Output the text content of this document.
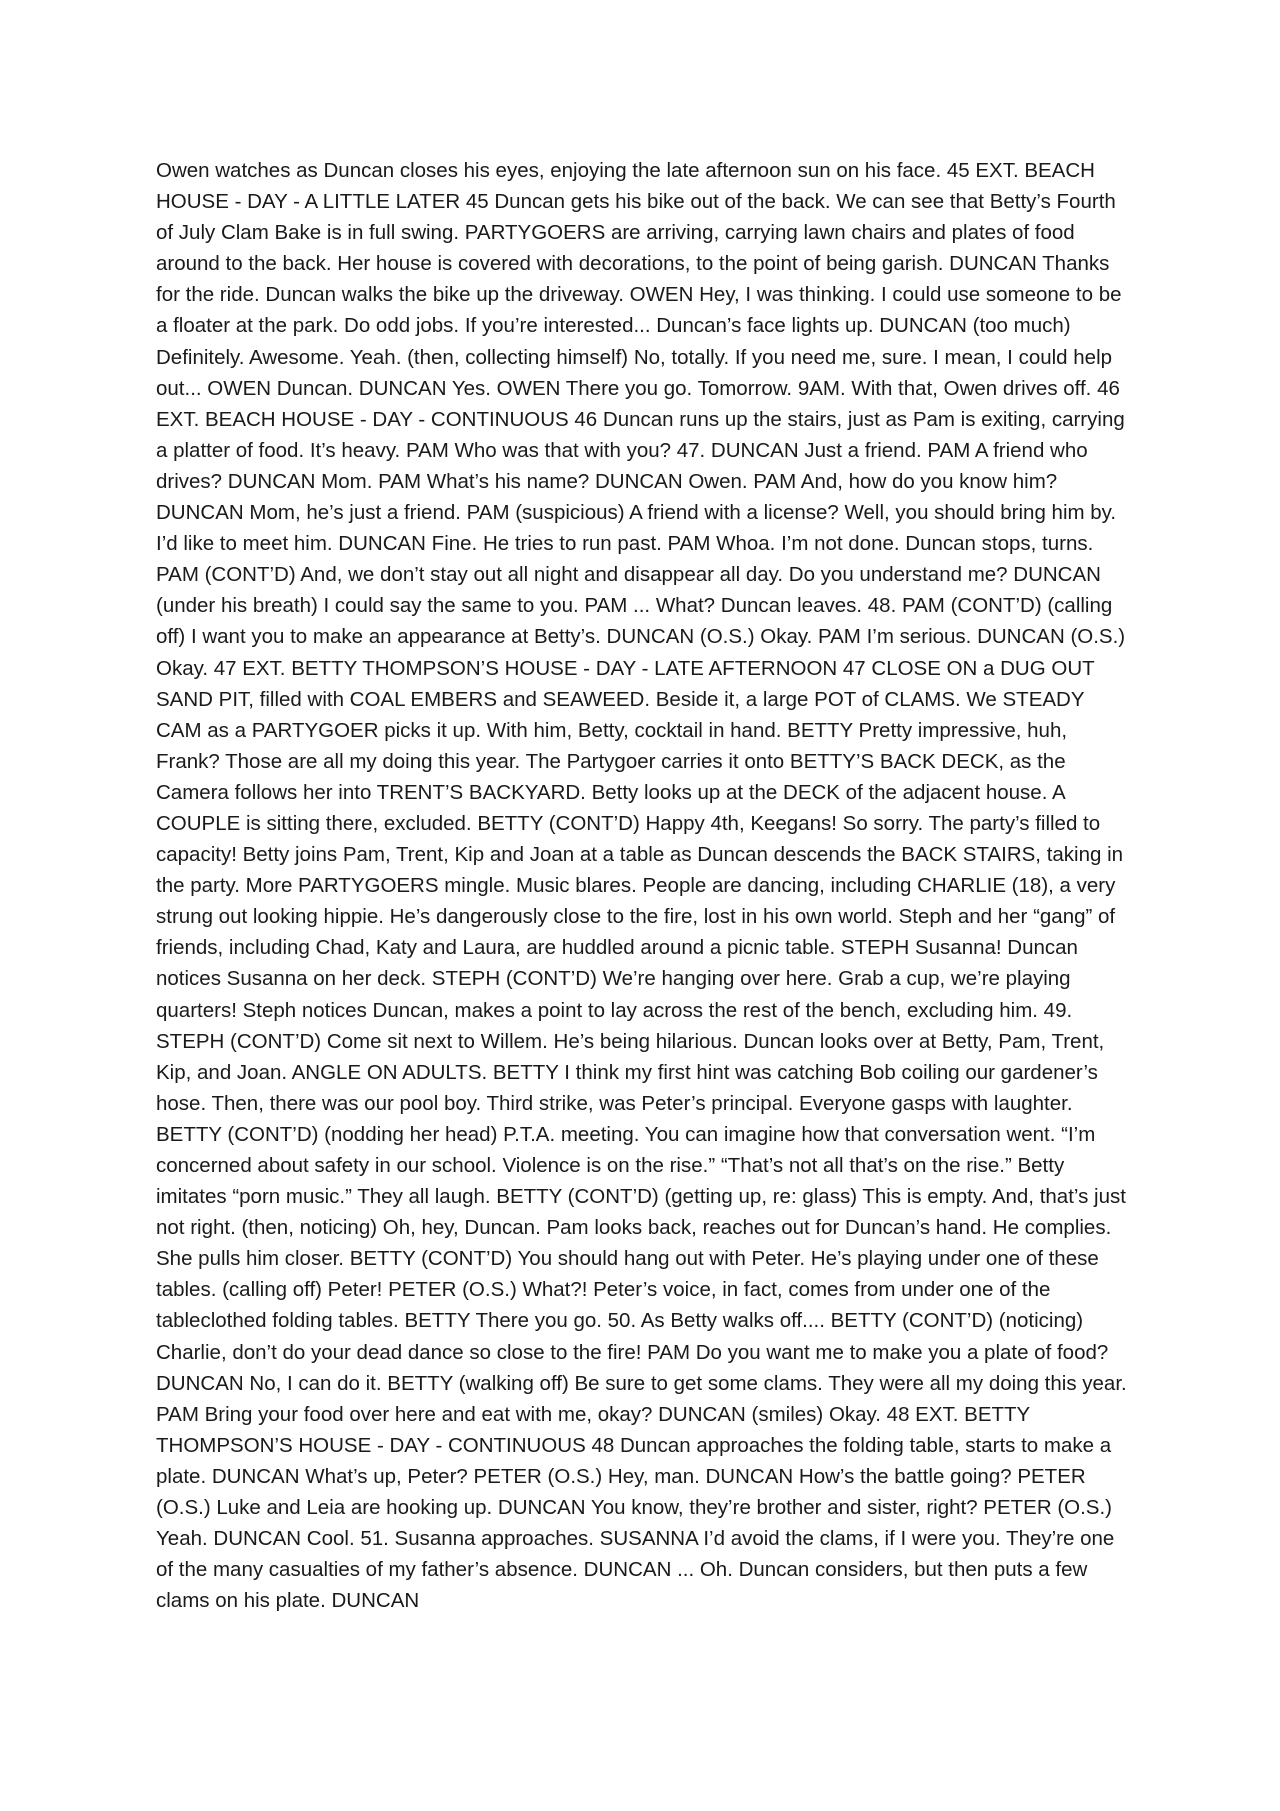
Owen watches as Duncan closes his eyes, enjoying the late afternoon sun on his face. 45 EXT. BEACH HOUSE - DAY - A LITTLE LATER 45 Duncan gets his bike out of the back. We can see that Betty’s Fourth of July Clam Bake is in full swing. PARTYGOERS are arriving, carrying lawn chairs and plates of food around to the back. Her house is covered with decorations, to the point of being garish. DUNCAN Thanks for the ride. Duncan walks the bike up the driveway. OWEN Hey, I was thinking. I could use someone to be a floater at the park. Do odd jobs. If you’re interested... Duncan’s face lights up. DUNCAN (too much) Definitely. Awesome. Yeah. (then, collecting himself) No, totally. If you need me, sure. I mean, I could help out... OWEN Duncan. DUNCAN Yes. OWEN There you go. Tomorrow. 9AM. With that, Owen drives off. 46 EXT. BEACH HOUSE - DAY - CONTINUOUS 46 Duncan runs up the stairs, just as Pam is exiting, carrying a platter of food. It’s heavy. PAM Who was that with you? 47. DUNCAN Just a friend. PAM A friend who drives? DUNCAN Mom. PAM What’s his name? DUNCAN Owen. PAM And, how do you know him? DUNCAN Mom, he’s just a friend. PAM (suspicious) A friend with a license? Well, you should bring him by. I’d like to meet him. DUNCAN Fine. He tries to run past. PAM Whoa. I’m not done. Duncan stops, turns. PAM (CONT’D) And, we don’t stay out all night and disappear all day. Do you understand me? DUNCAN (under his breath) I could say the same to you. PAM ... What? Duncan leaves. 48. PAM (CONT’D) (calling off) I want you to make an appearance at Betty’s. DUNCAN (O.S.) Okay. PAM I’m serious. DUNCAN (O.S.) Okay. 47 EXT. BETTY THOMPSON’S HOUSE - DAY - LATE AFTERNOON 47 CLOSE ON a DUG OUT SAND PIT, filled with COAL EMBERS and SEAWEED. Beside it, a large POT of CLAMS. We STEADY CAM as a PARTYGOER picks it up. With him, Betty, cocktail in hand. BETTY Pretty impressive, huh, Frank? Those are all my doing this year. The Partygoer carries it onto BETTY’S BACK DECK, as the Camera follows her into TRENT’S BACKYARD. Betty looks up at the DECK of the adjacent house. A COUPLE is sitting there, excluded. BETTY (CONT’D) Happy 4th, Keegans! So sorry. The party’s filled to capacity! Betty joins Pam, Trent, Kip and Joan at a table as Duncan descends the BACK STAIRS, taking in the party. More PARTYGOERS mingle. Music blares. People are dancing, including CHARLIE (18), a very strung out looking hippie. He’s dangerously close to the fire, lost in his own world. Steph and her “gang” of friends, including Chad, Katy and Laura, are huddled around a picnic table. STEPH Susanna! Duncan notices Susanna on her deck. STEPH (CONT’D) We’re hanging over here. Grab a cup, we’re playing quarters! Steph notices Duncan, makes a point to lay across the rest of the bench, excluding him. 49. STEPH (CONT’D) Come sit next to Willem. He’s being hilarious. Duncan looks over at Betty, Pam, Trent, Kip, and Joan. ANGLE ON ADULTS. BETTY I think my first hint was catching Bob coiling our gardener’s hose. Then, there was our pool boy. Third strike, was Peter’s principal. Everyone gasps with laughter. BETTY (CONT’D) (nodding her head) P.T.A. meeting. You can imagine how that conversation went. “I’m concerned about safety in our school. Violence is on the rise.” “That’s not all that’s on the rise.” Betty imitates “porn music.” They all laugh. BETTY (CONT’D) (getting up, re: glass) This is empty. And, that’s just not right. (then, noticing) Oh, hey, Duncan. Pam looks back, reaches out for Duncan’s hand. He complies. She pulls him closer. BETTY (CONT’D) You should hang out with Peter. He’s playing under one of these tables. (calling off) Peter! PETER (O.S.) What?! Peter’s voice, in fact, comes from under one of the tableclothed folding tables. BETTY There you go. 50. As Betty walks off.... BETTY (CONT’D) (noticing) Charlie, don’t do your dead dance so close to the fire! PAM Do you want me to make you a plate of food? DUNCAN No, I can do it. BETTY (walking off) Be sure to get some clams. They were all my doing this year. PAM Bring your food over here and eat with me, okay? DUNCAN (smiles) Okay. 48 EXT. BETTY THOMPSON’S HOUSE - DAY - CONTINUOUS 48 Duncan approaches the folding table, starts to make a plate. DUNCAN What’s up, Peter? PETER (O.S.) Hey, man. DUNCAN How’s the battle going? PETER (O.S.) Luke and Leia are hooking up. DUNCAN You know, they’re brother and sister, right? PETER (O.S.) Yeah. DUNCAN Cool. 51. Susanna approaches. SUSANNA I’d avoid the clams, if I were you. They’re one of the many casualties of my father’s absence. DUNCAN ... Oh. Duncan considers, but then puts a few clams on his plate. DUNCAN
